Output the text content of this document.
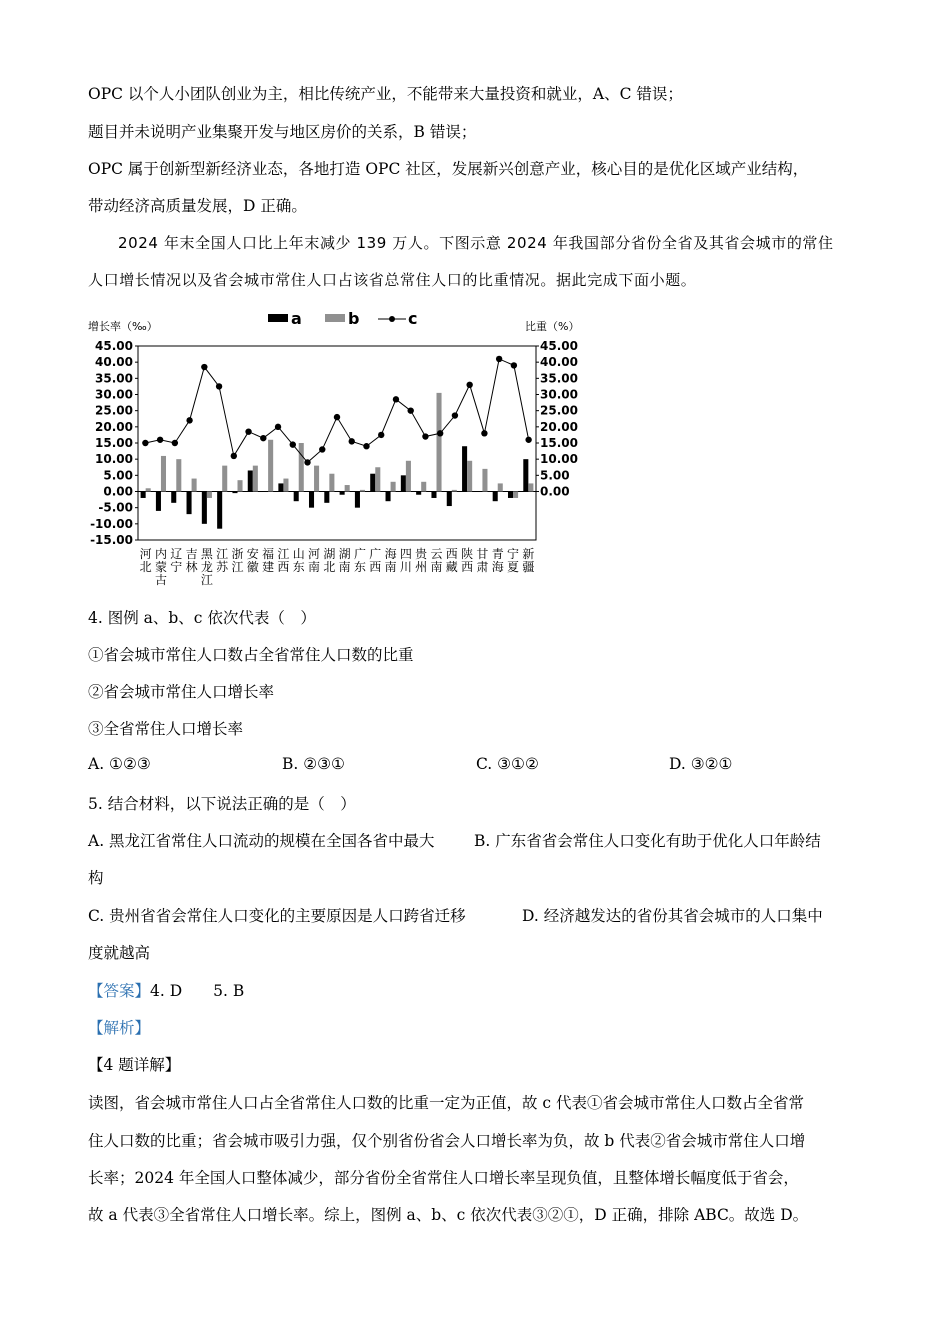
OPC 以个人小团队创业为主，相比传统产业，不能带来大量投资和就业，A、C 错误；
题目并未说明产业集聚开发与地区房价的关系，B 错误；
OPC 属于创新型新经济业态，各地打造 OPC 社区，发展新兴创意产业，核心目的是优化区域产业结构，
带动经济高质量发展，D 正确。
2024 年末全国人口比上年末减少 139 万人。下图示意 2024 年我国部分省份全省及其省会城市的常住
人口增长情况以及省会城市常住人口占该省总常住人口的比重情况。据此完成下面小题。
增长率（‰）	比重（%）
a	b	c
45.00
40.00
35.00
30.00
25.00
20.00
15.00
10.00
5.00
0.00
-5.00
-10.00
-15.00
45.00
40.00
35.00
30.00
25.00
20.00
15.00
10.00
5.00
0.00
河北
内蒙古
辽宁
吉林
黑龙江
江苏
浙江
安徽
福建
江西
山东
河南
湖北
湖南
广东
广西
海南
四川
贵州
云南
西藏
陕西
甘肃
青海
宁夏
新疆
4. 图例 a、b、c 依次代表（　）
①省会城市常住人口数占全省常住人口数的比重
②省会城市常住人口增长率
③全省常住人口增长率
A. ①②③	B. ②③①	C. ③①②	D. ③②①
5. 结合材料，以下说法正确的是（　）
A. 黑龙江省常住人口流动的规模在全国各省中最大	B. 广东省省会常住人口变化有助于优化人口年龄结
构
C. 贵州省省会常住人口变化的主要原因是人口跨省迁移	D. 经济越发达的省份其省会城市的人口集中
度就越高
【答案】4. D　　5. B
【解析】
【4 题详解】
读图，省会城市常住人口占全省常住人口数的比重一定为正值，故 c 代表①省会城市常住人口数占全省常
住人口数的比重；省会城市吸引力强，仅个别省份省会人口增长率为负，故 b 代表②省会城市常住人口增
长率；2024 年全国人口整体减少，部分省份全省常住人口增长率呈现负值，且整体增长幅度低于省会，
故 a 代表③全省常住人口增长率。综上，图例 a、b、c 依次代表③②①，D 正确，排除 ABC。故选 D。
